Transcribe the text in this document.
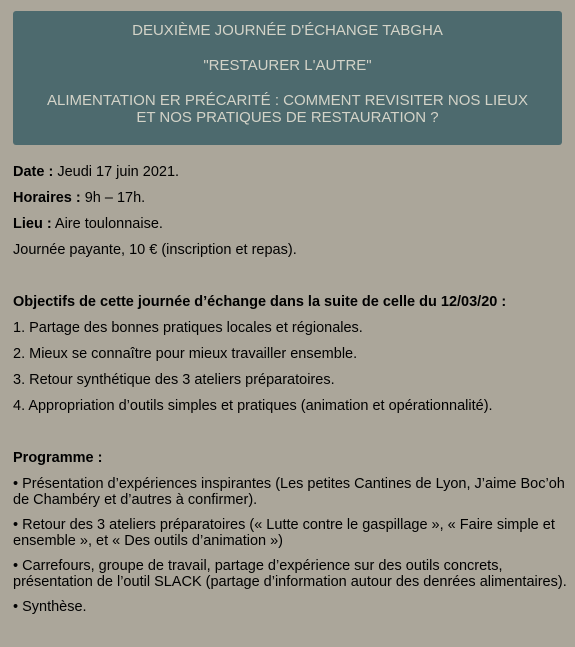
DEUXIÈME JOURNÉE D'ÉCHANGE TABGHA

"RESTAURER L'AUTRE"

ALIMENTATION ER PRÉCARITÉ : COMMENT REVISITER NOS LIEUX ET NOS PRATIQUES DE RESTAURATION ?

Date : Jeudi 17 juin 2021.

Horaires : 9h – 17h.

Lieu : Aire toulonnaise.

Journée payante, 10 € (inscription et repas).

Objectifs de cette journée d’échange dans la suite de celle du 12/03/20 :

1. Partage des bonnes pratiques locales et régionales.

2. Mieux se connaître pour mieux travailler ensemble.

3. Retour synthétique des 3 ateliers préparatoires.

4. Appropriation d’outils simples et pratiques (animation et opérationnalité).

Programme :

• Présentation d’expériences inspirantes (Les petites Cantines de Lyon, J’aime Boc’oh de Chambéry et d’autres à confirmer).

• Retour des 3 ateliers préparatoires (« Lutte contre le gaspillage », « Faire simple et ensemble », et « Des outils d’animation »)

• Carrefours, groupe de travail, partage d’expérience sur des outils concrets, présentation de l’outil SLACK (partage d’information autour des denrées alimentaires).

• Synthèse.
